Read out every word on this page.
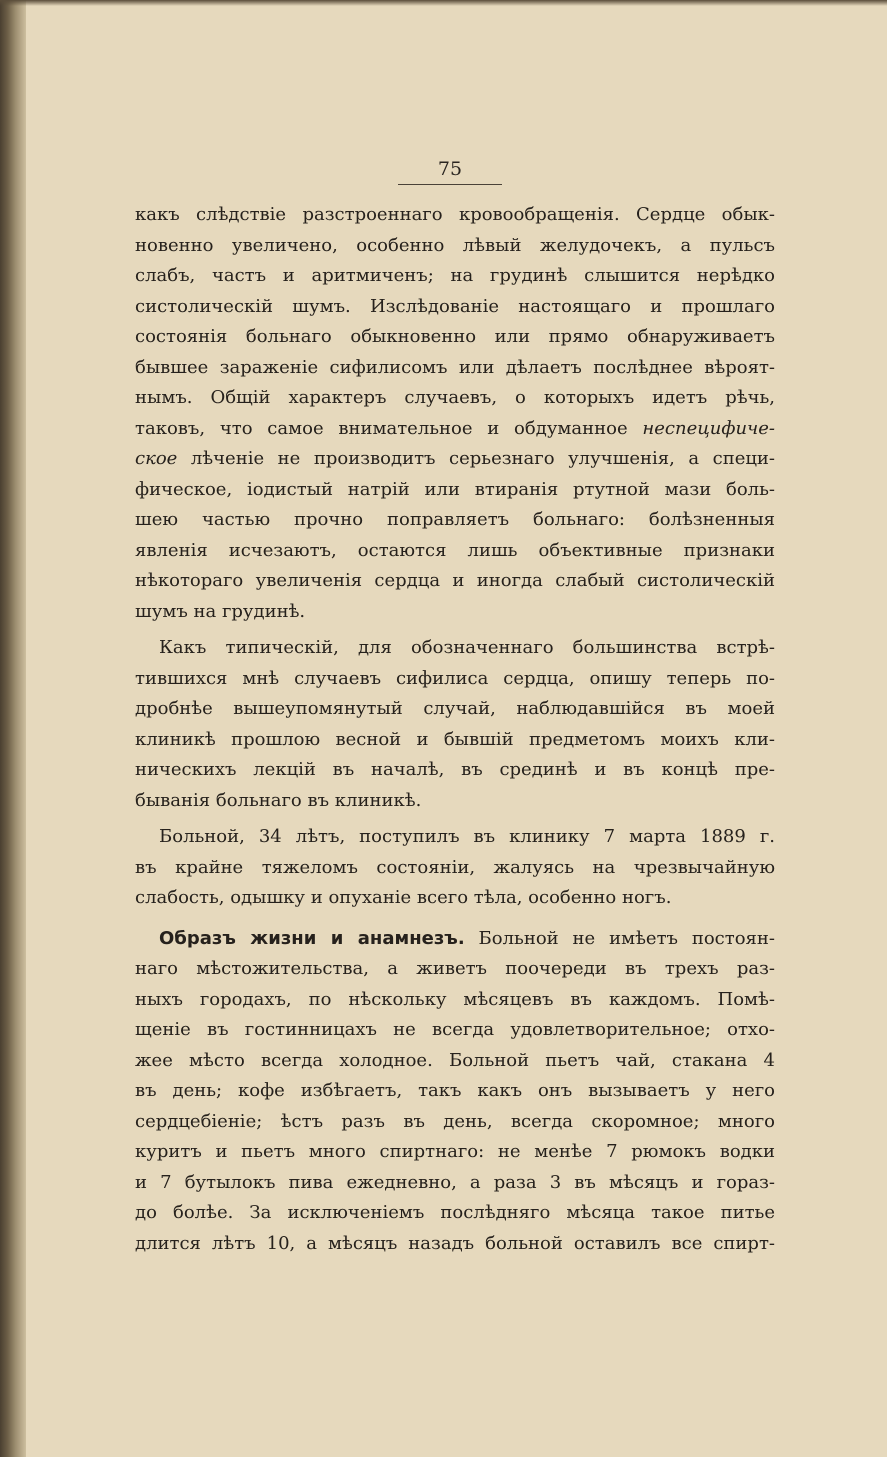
75
какъ слѣдствіе разстроеннаго кровообращенія. Сердце обык-
новенно увеличено, особенно лѣвый желудочекъ, а пульсъ
слабъ, частъ и аритмиченъ; на грудинѣ слышится нерѣдко
систолическій шумъ. Изслѣдованіе настоящаго и прошлаго
состоянія больнаго обыкновенно или прямо обнаруживаетъ
бывшее зараженіе сифилисомъ или дѣлаетъ послѣднее вѣроят-
нымъ. Общій характеръ случаевъ, о которыхъ идетъ рѣчь,
таковъ, что самое внимательное и обдуманное неспецифиче-
ское лѣченіе не производитъ серьезнаго улучшенія, а специ-
фическое, іодистый натрій или втиранія ртутной мази боль-
шею частью прочно поправляетъ больнаго: болѣзненныя
явленія исчезаютъ, остаются лишь объективные признаки
нѣкотораго увеличенія сердца и иногда слабый систолическій
шумъ на грудинѣ.
Какъ типическій, для обозначеннаго большинства встрѣ-
тившихся мнѣ случаевъ сифилиса сердца, опишу теперь по-
дробнѣе вышеупомянутый случай, наблюдавшійся въ моей
клиникѣ прошлою весной и бывшій предметомъ моихъ кли-
ническихъ лекцій въ началѣ, въ срединѣ и въ концѣ пре-
быванія больнаго въ клиникѣ.
Больной, 34 лѣтъ, поступилъ въ клинику 7 марта 1889 г.
въ крайне тяжеломъ состояніи, жалуясь на чрезвычайную
слабость, одышку и опуханіе всего тѣла, особенно ногъ.
Образъ жизни и анамнезъ. Больной не имѣетъ постоян-
наго мѣстожительства, а живетъ поочереди въ трехъ раз-
ныхъ городахъ, по нѣскольку мѣсяцевъ въ каждомъ. Помѣ-
щеніе въ гостинницахъ не всегда удовлетворительное; отхо-
жее мѣсто всегда холодное. Больной пьетъ чай, стакана 4
въ день; кофе избѣгаетъ, такъ какъ онъ вызываетъ у него
сердцебіеніе; ѣстъ разъ въ день, всегда скоромное; много
куритъ и пьетъ много спиртнаго: не менѣе 7 рюмокъ водки
и 7 бутылокъ пива ежедневно, а раза 3 въ мѣсяцъ и гораз-
до болѣе. За исключеніемъ послѣдняго мѣсяца такое питье
длится лѣтъ 10, а мѣсяцъ назадъ больной оставилъ все спирт-
